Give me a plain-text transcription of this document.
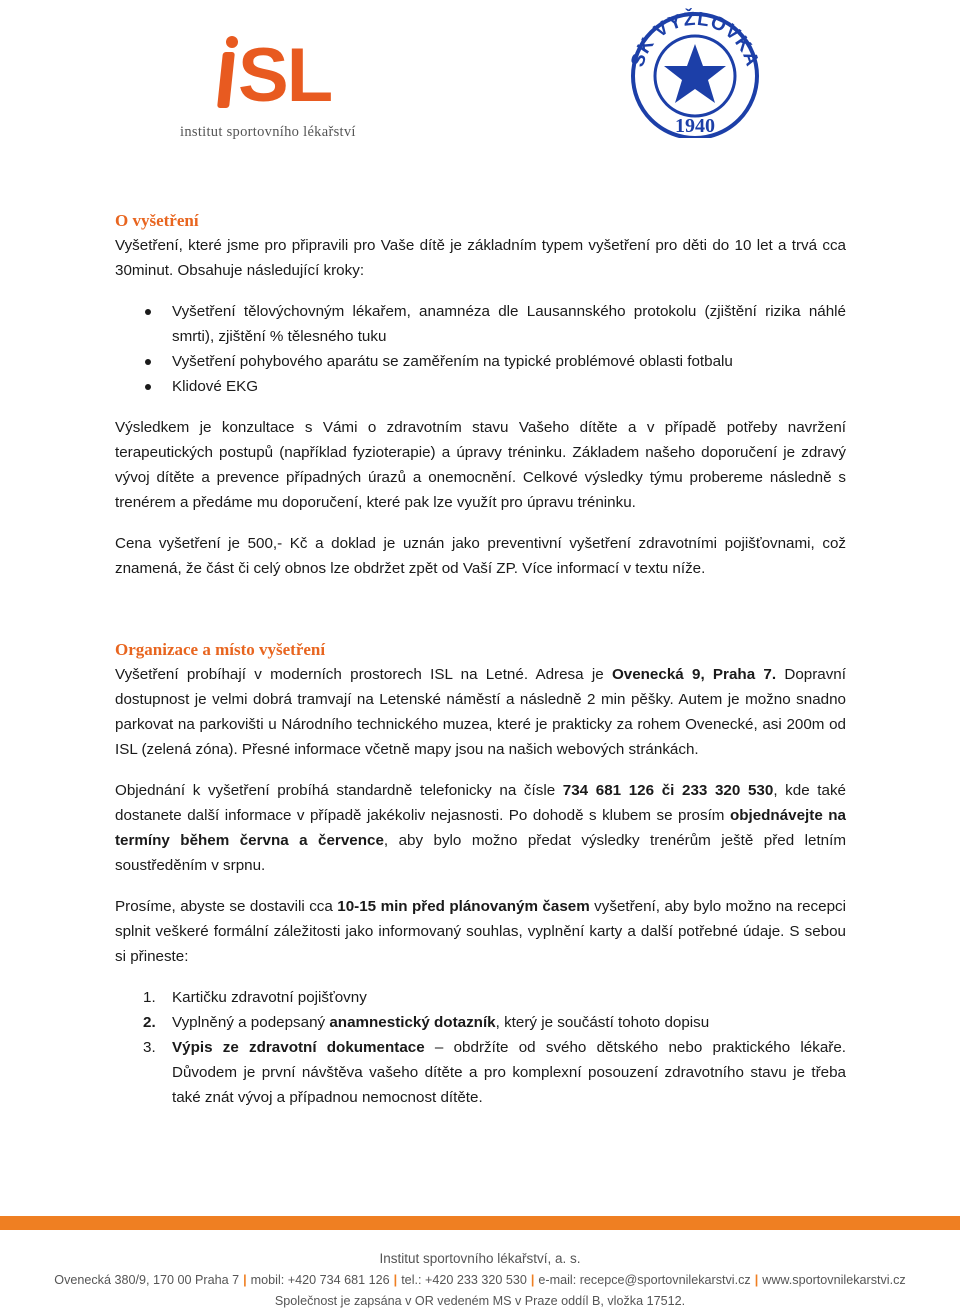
SL
institut sportovního lékařství
SK VYŽLOVKA
1940
O vyšetření

Vyšetření, které jsme pro připravili pro Vaše dítě je základním typem vyšetření pro děti do 10 let a trvá cca 30minut. Obsahuje následující kroky:

Vyšetření tělovýchovným lékařem, anamnéza dle Lausannského protokolu (zjištění rizika náhlé smrti), zjištění % tělesného tuku
Vyšetření pohybového aparátu se zaměřením na typické problémové oblasti fotbalu
Klidové EKG

Výsledkem je konzultace s Vámi o zdravotním stavu Vašeho dítěte a v případě potřeby navržení terapeutických postupů (například fyzioterapie) a úpravy tréninku. Základem našeho doporučení je zdravý vývoj dítěte a prevence případných úrazů a onemocnění. Celkové výsledky týmu probereme následně s trenérem a předáme mu doporučení, které pak lze využít pro úpravu tréninku.

Cena vyšetření je 500,- Kč a doklad je uznán jako preventivní vyšetření zdravotními pojišťovnami, což znamená, že část či celý obnos lze obdržet zpět od Vaší ZP. Více informací v textu níže.

Organizace a místo vyšetření

Vyšetření probíhají v moderních prostorech ISL na Letné. Adresa je Ovenecká 9, Praha 7. Dopravní dostupnost je velmi dobrá tramvají na Letenské náměstí a následně 2 min pěšky. Autem je možno snadno parkovat na parkovišti u Národního technického muzea, které je prakticky za rohem Ovenecké, asi 200m od ISL (zelená zóna). Přesné informace včetně mapy jsou na našich webových stránkách.

Objednání k vyšetření probíhá standardně telefonicky na čísle 734 681 126 či 233 320 530, kde také dostanete další informace v případě jakékoliv nejasnosti. Po dohodě s klubem se prosím objednávejte na termíny během června a července, aby bylo možno předat výsledky trenérům ještě před letním soustředěním v srpnu.

Prosíme, abyste se dostavili cca 10-15 min před plánovaným časem vyšetření, aby bylo možno na recepci splnit veškeré formální záležitosti jako informovaný souhlas, vyplnění karty a další potřebné údaje. S sebou si přineste:

1. Kartičku zdravotní pojišťovny
2. Vyplněný a podepsaný anamnestický dotazník, který je součástí tohoto dopisu
3. Výpis ze zdravotní dokumentace – obdržíte od svého dětského nebo praktického lékaře. Důvodem je první návštěva vašeho dítěte a pro komplexní posouzení zdravotního stavu je třeba také znát vývoj a případnou nemocnost dítěte.
Institut sportovního lékařství, a. s.
Ovenecká 380/9, 170 00 Praha 7 | mobil: +420 734 681 126 | tel.: +420 233 320 530 | e-mail: recepce@sportovnilekarstvi.cz | www.sportovnilekarstvi.cz
Společnost je zapsána v OR vedeném MS v Praze oddíl B, vložka 17512.
